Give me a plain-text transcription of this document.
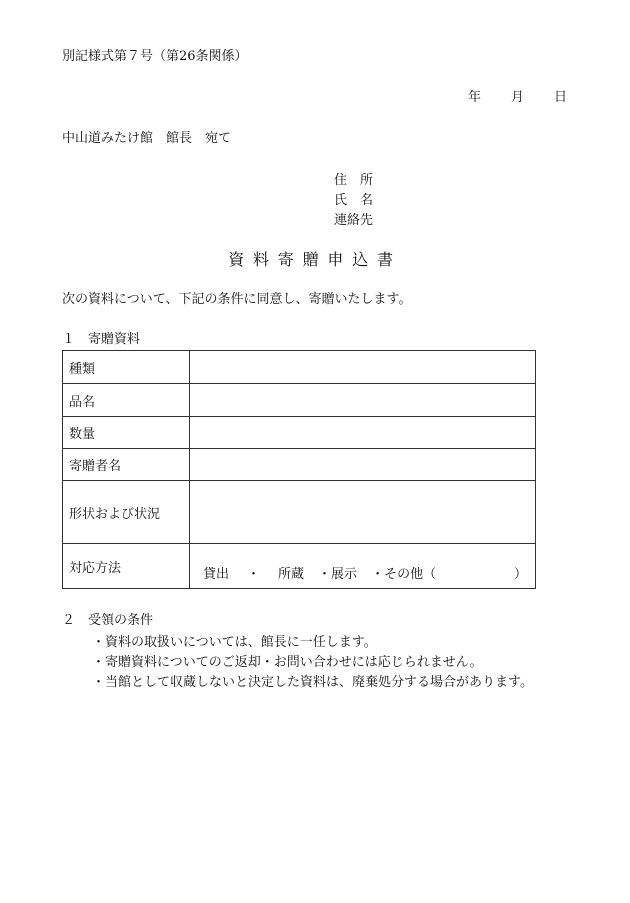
別記様式第７号（第26条関係）
年 月 日
中山道みたけ館　館長　宛て
住　所
氏　名
連絡先
資料寄贈申込書
次の資料について、下記の条件に同意し、寄贈いたします。
１　寄贈資料
種類	
品名	
数量	
寄贈者名	
形状および状況	
対応方法	貸出 ・ 所蔵 ・展示 ・その他（ ）
２　受領の条件
・資料の取扱いについては、館長に一任します。
・寄贈資料についてのご返却・お問い合わせには応じられません。
・当館として収蔵しないと決定した資料は、廃棄処分する場合があります。
